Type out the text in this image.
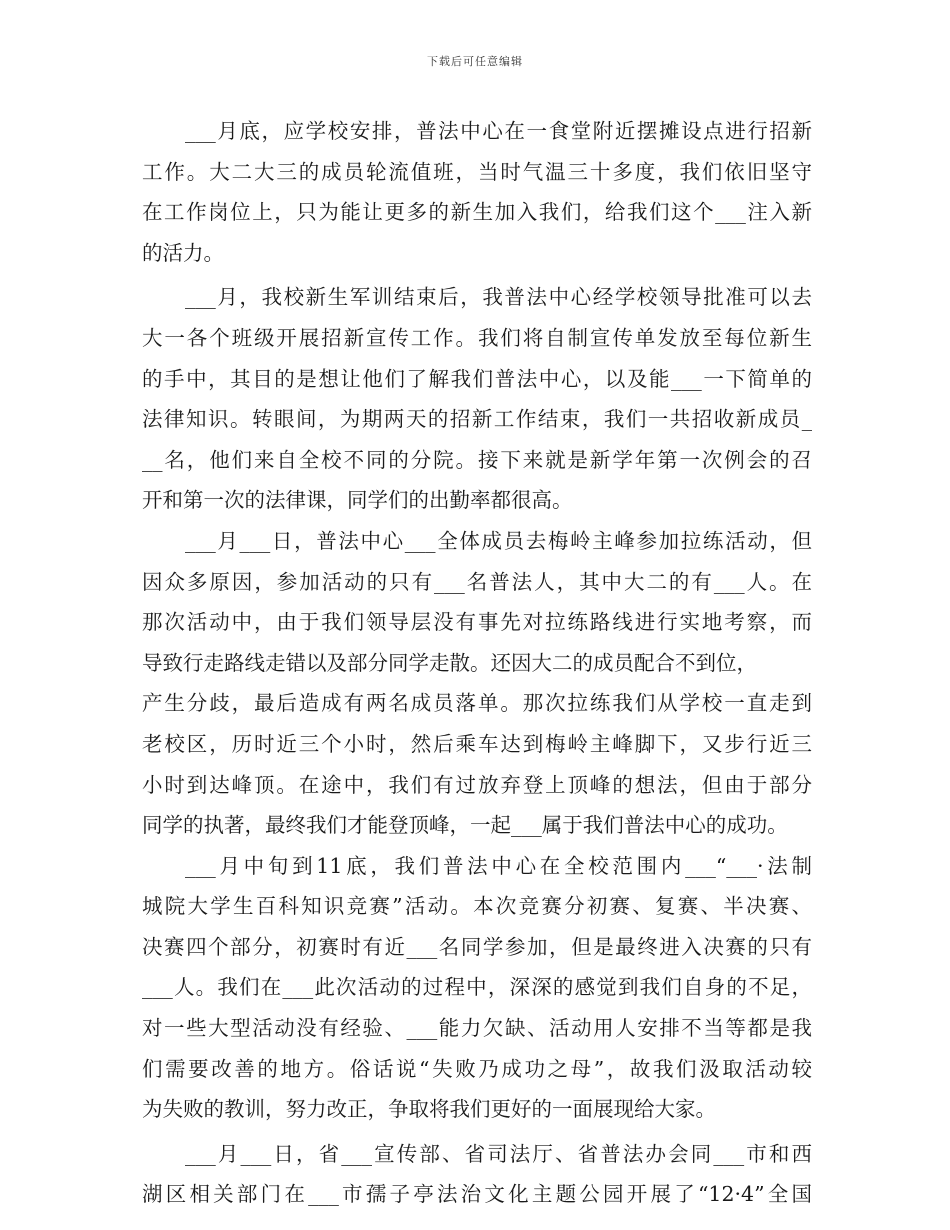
下载后可任意编辑
___月底，应学校安排，普法中心在一食堂附近摆摊设点进行招新
工作。大二大三的成员轮流值班，当时气温三十多度，我们依旧坚守
在工作岗位上，只为能让更多的新生加入我们，给我们这个___注入新
的活力。
___月，我校新生军训结束后，我普法中心经学校领导批准可以去
大一各个班级开展招新宣传工作。我们将自制宣传单发放至每位新生
的手中，其目的是想让他们了解我们普法中心，以及能___一下简单的
法律知识。转眼间，为期两天的招新工作结束，我们一共招收新成员_
__名，他们来自全校不同的分院。接下来就是新学年第一次例会的召
开和第一次的法律课，同学们的出勤率都很高。
___月___日，普法中心___全体成员去梅岭主峰参加拉练活动，但
因众多原因，参加活动的只有___名普法人，其中大二的有___人。在
那次活动中，由于我们领导层没有事先对拉练路线进行实地考察，而
导致行走路线走错以及部分同学走散。还因大二的成员配合不到位，
产生分歧，最后造成有两名成员落单。那次拉练我们从学校一直走到
老校区，历时近三个小时，然后乘车达到梅岭主峰脚下，又步行近三
小时到达峰顶。在途中，我们有过放弃登上顶峰的想法，但由于部分
同学的执著，最终我们才能登顶峰，一起___属于我们普法中心的成功。
___月中旬到11底，我们普法中心在全校范围内___“___·法制
城院大学生百科知识竞赛”活动。本次竞赛分初赛、复赛、半决赛、
决赛四个部分，初赛时有近___名同学参加，但是最终进入决赛的只有
___人。我们在___此次活动的过程中，深深的感觉到我们自身的不足，
对一些大型活动没有经验、___能力欠缺、活动用人安排不当等都是我
们需要改善的地方。俗话说“失败乃成功之母”，故我们汲取活动较
为失败的教训，努力改正，争取将我们更好的一面展现给大家。
___月___日，省___宣传部、省司法厅、省普法办会同___市和西
湖区相关部门在___市孺子亭法治文化主题公园开展了“12·4”全国
